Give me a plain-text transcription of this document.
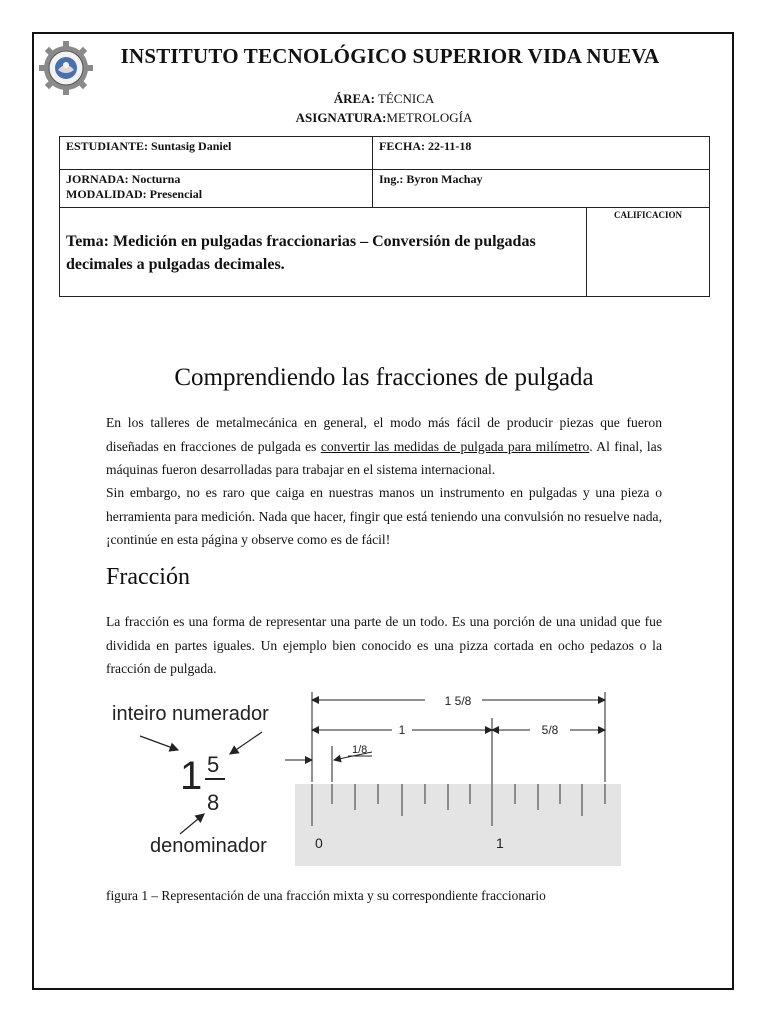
INSTITUTO TECNOLÓGICO SUPERIOR VIDA NUEVA
ÁREA: TÉCNICA
ASIGNATURA:METROLOGÍA
ESTUDIANTE: Suntasig Daniel	FECHA: 22-11-18	

JORNADA: Nocturna
MODALIDAD: Presencial	Ing.: Byron Machay	

Tema: Medición en pulgadas fraccionarias – Conversión de pulgadas decimales a pulgadas decimales.		CALIFICACION
Comprendiendo las fracciones de pulgada
En los talleres de metalmecánica en general, el modo más fácil de producir piezas que fueron diseñadas en fracciones de pulgada es convertir las medidas de pulgada para milímetro. Al final, las máquinas fueron desarrolladas para trabajar en el sistema internacional.
Sin embargo, no es raro que caiga en nuestras manos un instrumento en pulgadas y una pieza o herramienta para medición. Nada que hacer, fingir que está teniendo una convulsión no resuelve nada, ¡continúe en esta página y observe como es de fácil!
Fracción
La fracción es una forma de representar una parte de un todo. Es una porción de una unidad que fue dividida en partes iguales. Un ejemplo bien conocido es una pizza cortada en ocho pedazos o la fracción de pulgada.
inteiro numerador
1 5
8
denominador
1 5/8
1	5/8
1/8
0	1
figura 1 – Representación de una fracción mixta y su correspondiente fraccionario
